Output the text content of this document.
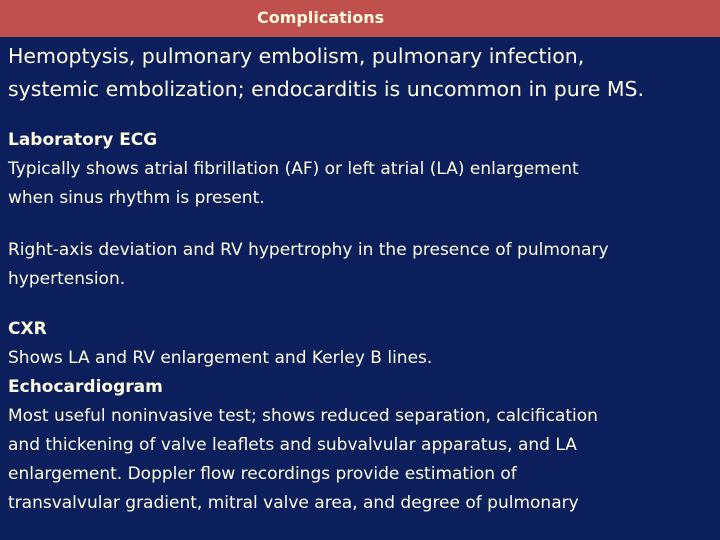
Complications

Hemoptysis, pulmonary embolism, pulmonary infection,

systemic embolization; endocarditis is uncommon in pure MS.

Laboratory ECG

Typically shows atrial fibrillation (AF) or left atrial (LA) enlargement

when sinus rhythm is present.

Right-axis deviation and RV hypertrophy in the presence of pulmonary

hypertension.

CXR

Shows LA and RV enlargement and Kerley B lines.

Echocardiogram

Most useful noninvasive test; shows reduced separation, calcification

and thickening of valve leaflets and subvalvular apparatus, and LA

enlargement. Doppler flow recordings provide estimation of

transvalvular gradient, mitral valve area, and degree of pulmonary
